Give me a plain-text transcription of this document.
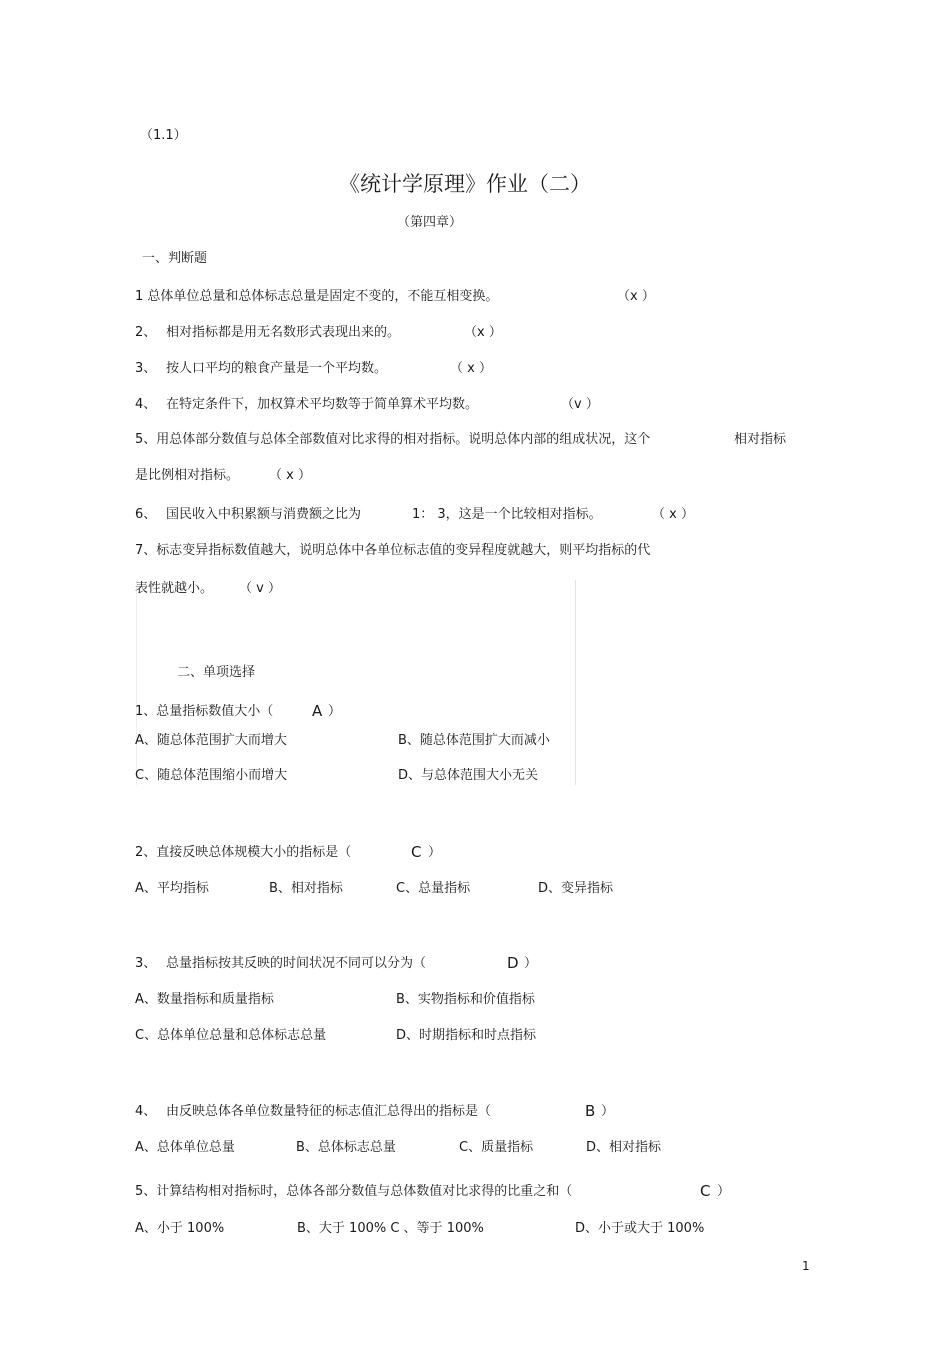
（1.1）
《统计学原理》作业（二）
（第四章）
一、判断题
1 总体单位总量和总体标志总量是固定不变的，不能互相变换。	（x ）
2、 相对指标都是用无名数形式表现出来的。	（x ）
3、 按人口平均的粮食产量是一个平均数。	（ x ）
4、 在特定条件下，加权算术平均数等于简单算术平均数。	（v ）
5、用总体部分数值与总体全部数值对比求得的相对指标。说明总体内部的组成状况，这个	相对指标
是比例相对指标。 （ x ）
6、 国民收入中积累额与消费额之比为	1： 3，这是一个比较相对指标。	（ x ）
7、标志变异指标数值越大，说明总体中各单位标志值的变异程度就越大，则平均指标的代
表性就越小。 （ v ）
二、单项选择
1、总量指标数值大小（	A ）
A、随总体范围扩大而增大	B、随总体范围扩大而减小
C、随总体范围缩小而增大	D、与总体范围大小无关
2、直接反映总体规模大小的指标是（	C ）
A、平均指标	B、相对指标	C、总量指标	D、变异指标
3、 总量指标按其反映的时间状况不同可以分为（	D ）
A、数量指标和质量指标	B、实物指标和价值指标
C、总体单位总量和总体标志总量	D、时期指标和时点指标
4、 由反映总体各单位数量特征的标志值汇总得出的指标是（	B ）
A、总体单位总量	B、总体标志总量	C、质量指标	D、相对指标
5、计算结构相对指标时，总体各部分数值与总体数值对比求得的比重之和（	C ）
A、小于 100%	B、大于 100% C 、等于 100%	D、小于或大于 100%
1
